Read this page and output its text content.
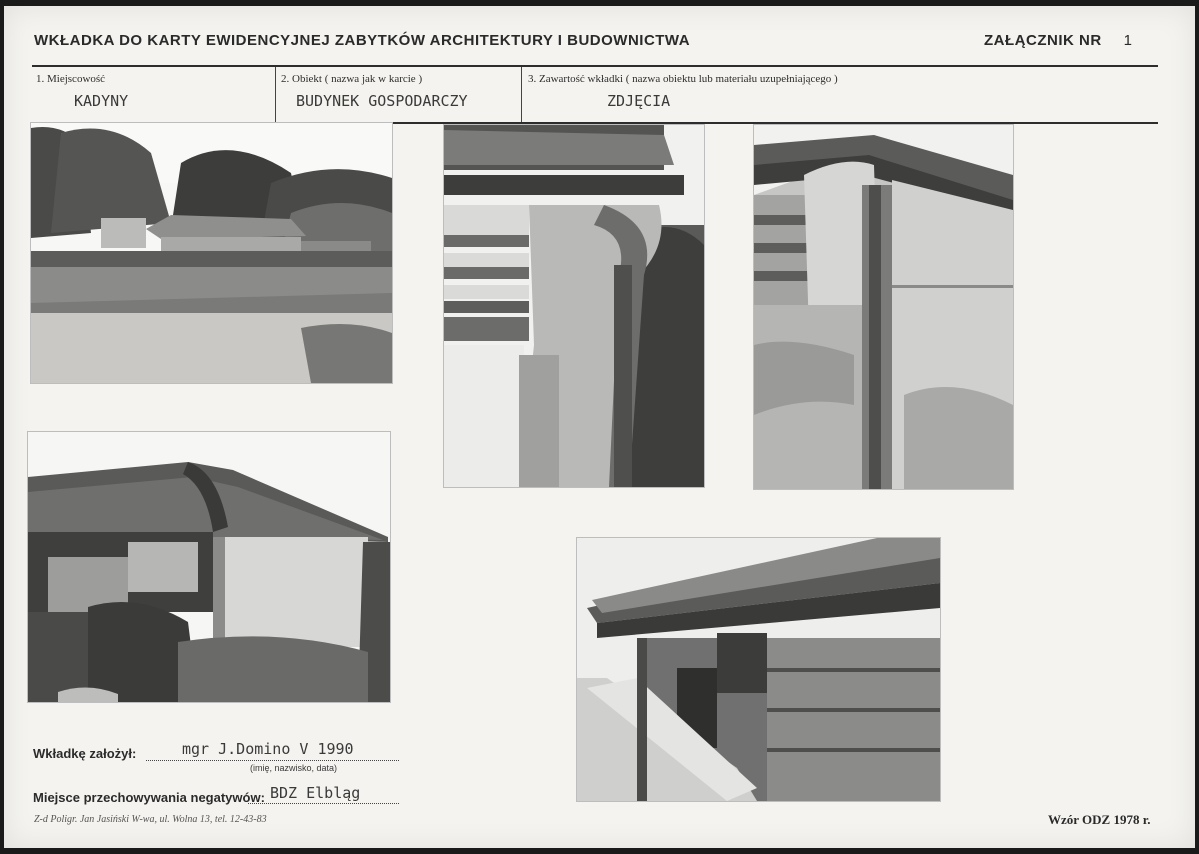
WKŁADKA DO KARTY EWIDENCYJNEJ ZABYTKÓW ARCHITEKTURY I BUDOWNICTWA	ZAŁĄCZNIK NR 1
1. Miejscowość
KADYNY
2. Obiekt ( nazwa jak w karcie )
BUDYNEK GOSPODARCZY
3. Zawartość wkładki ( nazwa obiektu lub materiału uzupełniającego )
ZDJĘCIA
Wkładkę założył:	mgr J.Domino V 1990
(imię, nazwisko, data)
Miejsce przechowywania negatywów: BDZ Elbląg
Z-d Poligr. Jan Jasiński W-wa, ul. Wolna 13, tel. 12-43-83	Wzór ODZ 1978 r.
